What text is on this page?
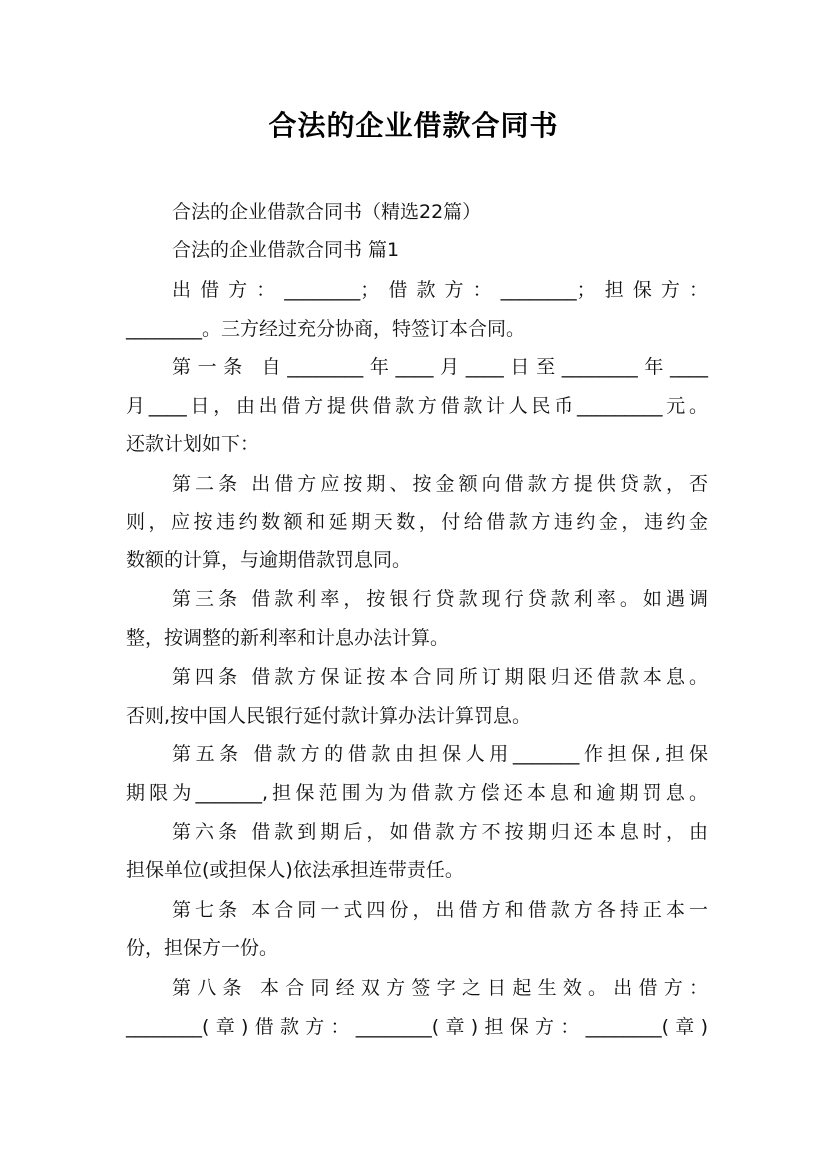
合法的企业借款合同书
合法的企业借款合同书（精选22篇）
合法的企业借款合同书 篇1
出借方：________；借款方：________；担保方：
________。三方经过充分协商，特签订本合同。
第一条 自________年____月____日至________年____
月____日，由出借方提供借款方借款计人民币_________元。
还款计划如下：
第二条 出借方应按期、按金额向借款方提供贷款，否
则，应按违约数额和延期天数，付给借款方违约金，违约金
数额的计算，与逾期借款罚息同。
第三条 借款利率，按银行贷款现行贷款利率。如遇调
整，按调整的新利率和计息办法计算。
第四条 借款方保证按本合同所订期限归还借款本息。
否则,按中国人民银行延付款计算办法计算罚息。
第五条 借款方的借款由担保人用_______作担保,担保
期限为_______,担保范围为为借款方偿还本息和逾期罚息。
第六条 借款到期后，如借款方不按期归还本息时，由
担保单位(或担保人)依法承担连带责任。
第七条 本合同一式四份，出借方和借款方各持正本一
份，担保方一份。
第八条 本合同经双方签字之日起生效。出借方：
________(章)借款方：________(章)担保方：________(章)
